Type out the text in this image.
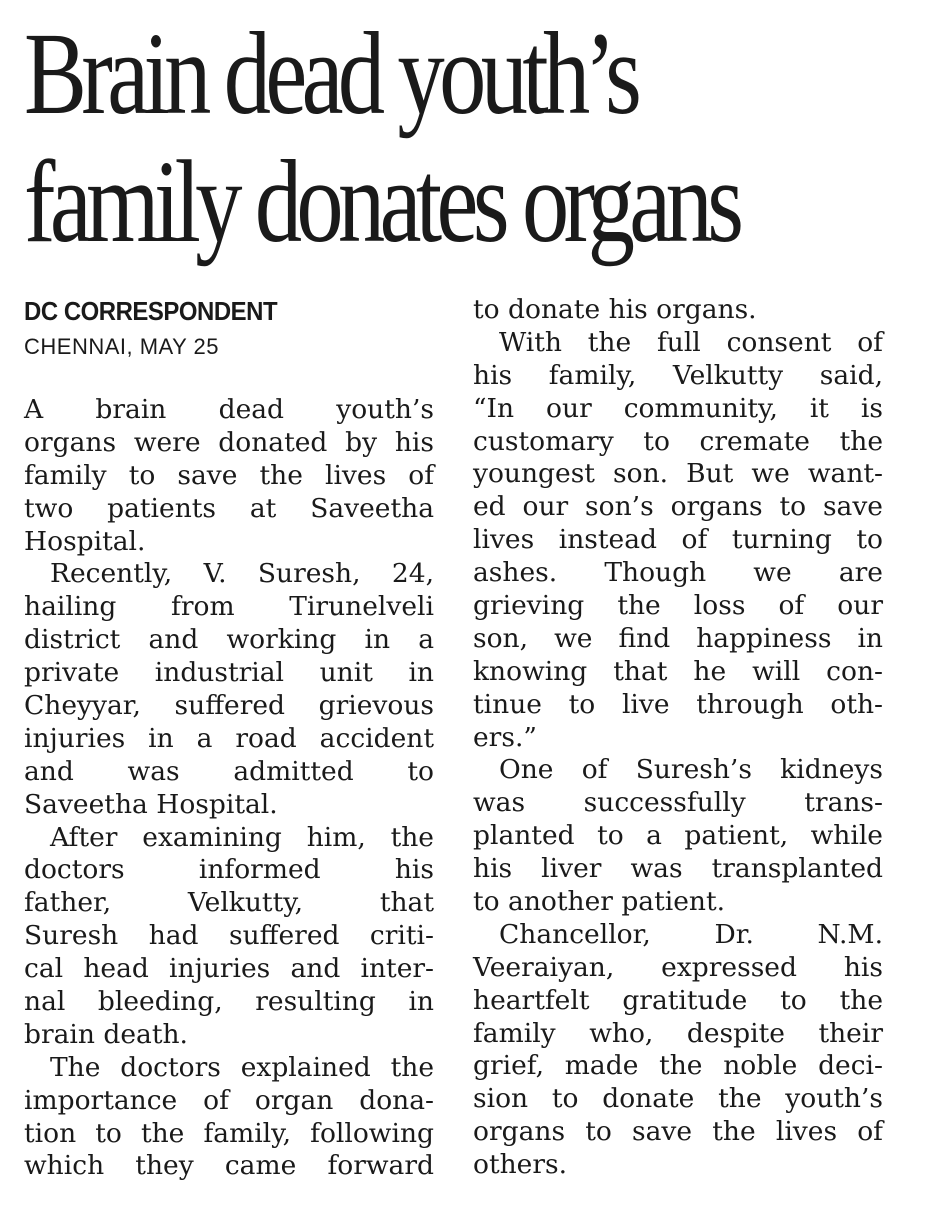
Brain dead youth’s
family donates organs
DC CORRESPONDENT
CHENNAI, MAY 25
A brain dead youth’s
organs were donated by his
family to save the lives of
two patients at Saveetha
Hospital.
Recently, V. Suresh, 24,
hailing from Tirunelveli
district and working in a
private industrial unit in
Cheyyar, suffered grievous
injuries in a road accident
and was admitted to
Saveetha Hospital.
After examining him, the
doctors informed his
father, Velkutty, that
Suresh had suffered criti-
cal head injuries and inter-
nal bleeding, resulting in
brain death.
The doctors explained the
importance of organ dona-
tion to the family, following
which they came forward
to donate his organs.
With the full consent of
his family, Velkutty said,
“In our community, it is
customary to cremate the
youngest son. But we want-
ed our son’s organs to save
lives instead of turning to
ashes. Though we are
grieving the loss of our
son, we find happiness in
knowing that he will con-
tinue to live through oth-
ers.”
One of Suresh’s kidneys
was successfully trans-
planted to a patient, while
his liver was transplanted
to another patient.
Chancellor, Dr. N.M.
Veeraiyan, expressed his
heartfelt gratitude to the
family who, despite their
grief, made the noble deci-
sion to donate the youth’s
organs to save the lives of
others.
